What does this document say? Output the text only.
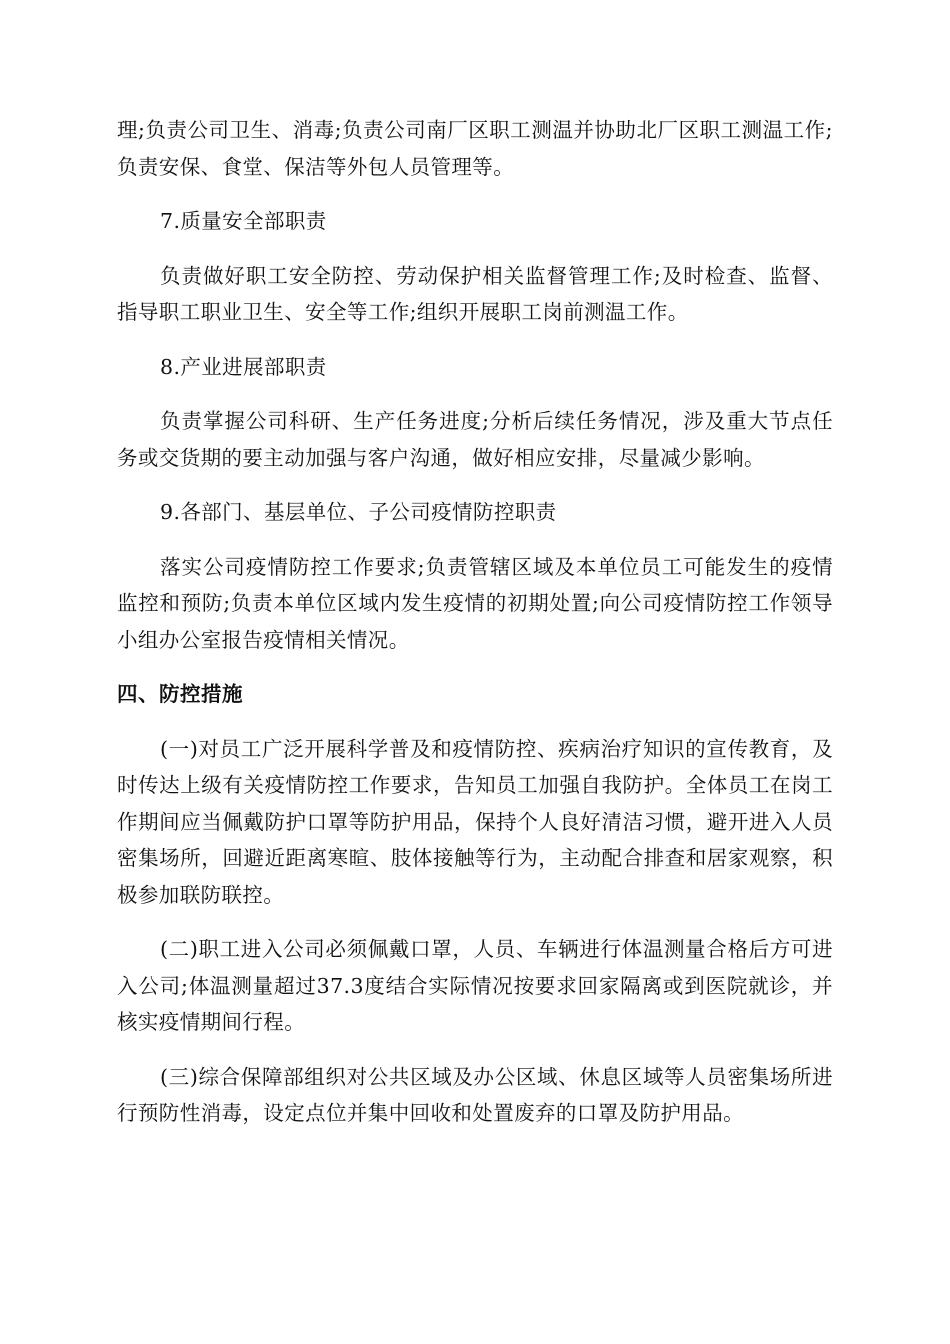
理;负责公司卫生、消毒;负责公司南厂区职工测温并协助北厂区职工测温工作;负责安保、食堂、保洁等外包人员管理等。

7.质量安全部职责

负责做好职工安全防控、劳动保护相关监督管理工作;及时检查、监督、指导职工职业卫生、安全等工作;组织开展职工岗前测温工作。

8.产业进展部职责

负责掌握公司科研、生产任务进度;分析后续任务情况，涉及重大节点任务或交货期的要主动加强与客户沟通，做好相应安排，尽量减少影响。

9.各部门、基层单位、子公司疫情防控职责

落实公司疫情防控工作要求;负责管辖区域及本单位员工可能发生的疫情监控和预防;负责本单位区域内发生疫情的初期处置;向公司疫情防控工作领导小组办公室报告疫情相关情况。

四、防控措施

(一)对员工广泛开展科学普及和疫情防控、疾病治疗知识的宣传教育，及时传达上级有关疫情防控工作要求，告知员工加强自我防护。全体员工在岗工作期间应当佩戴防护口罩等防护用品，保持个人良好清洁习惯，避开进入人员密集场所，回避近距离寒暄、肢体接触等行为，主动配合排查和居家观察，积极参加联防联控。

(二)职工进入公司必须佩戴口罩，人员、车辆进行体温测量合格后方可进入公司;体温测量超过37.3度结合实际情况按要求回家隔离或到医院就诊，并核实疫情期间行程。

(三)综合保障部组织对公共区域及办公区域、休息区域等人员密集场所进行预防性消毒，设定点位并集中回收和处置废弃的口罩及防护用品。
